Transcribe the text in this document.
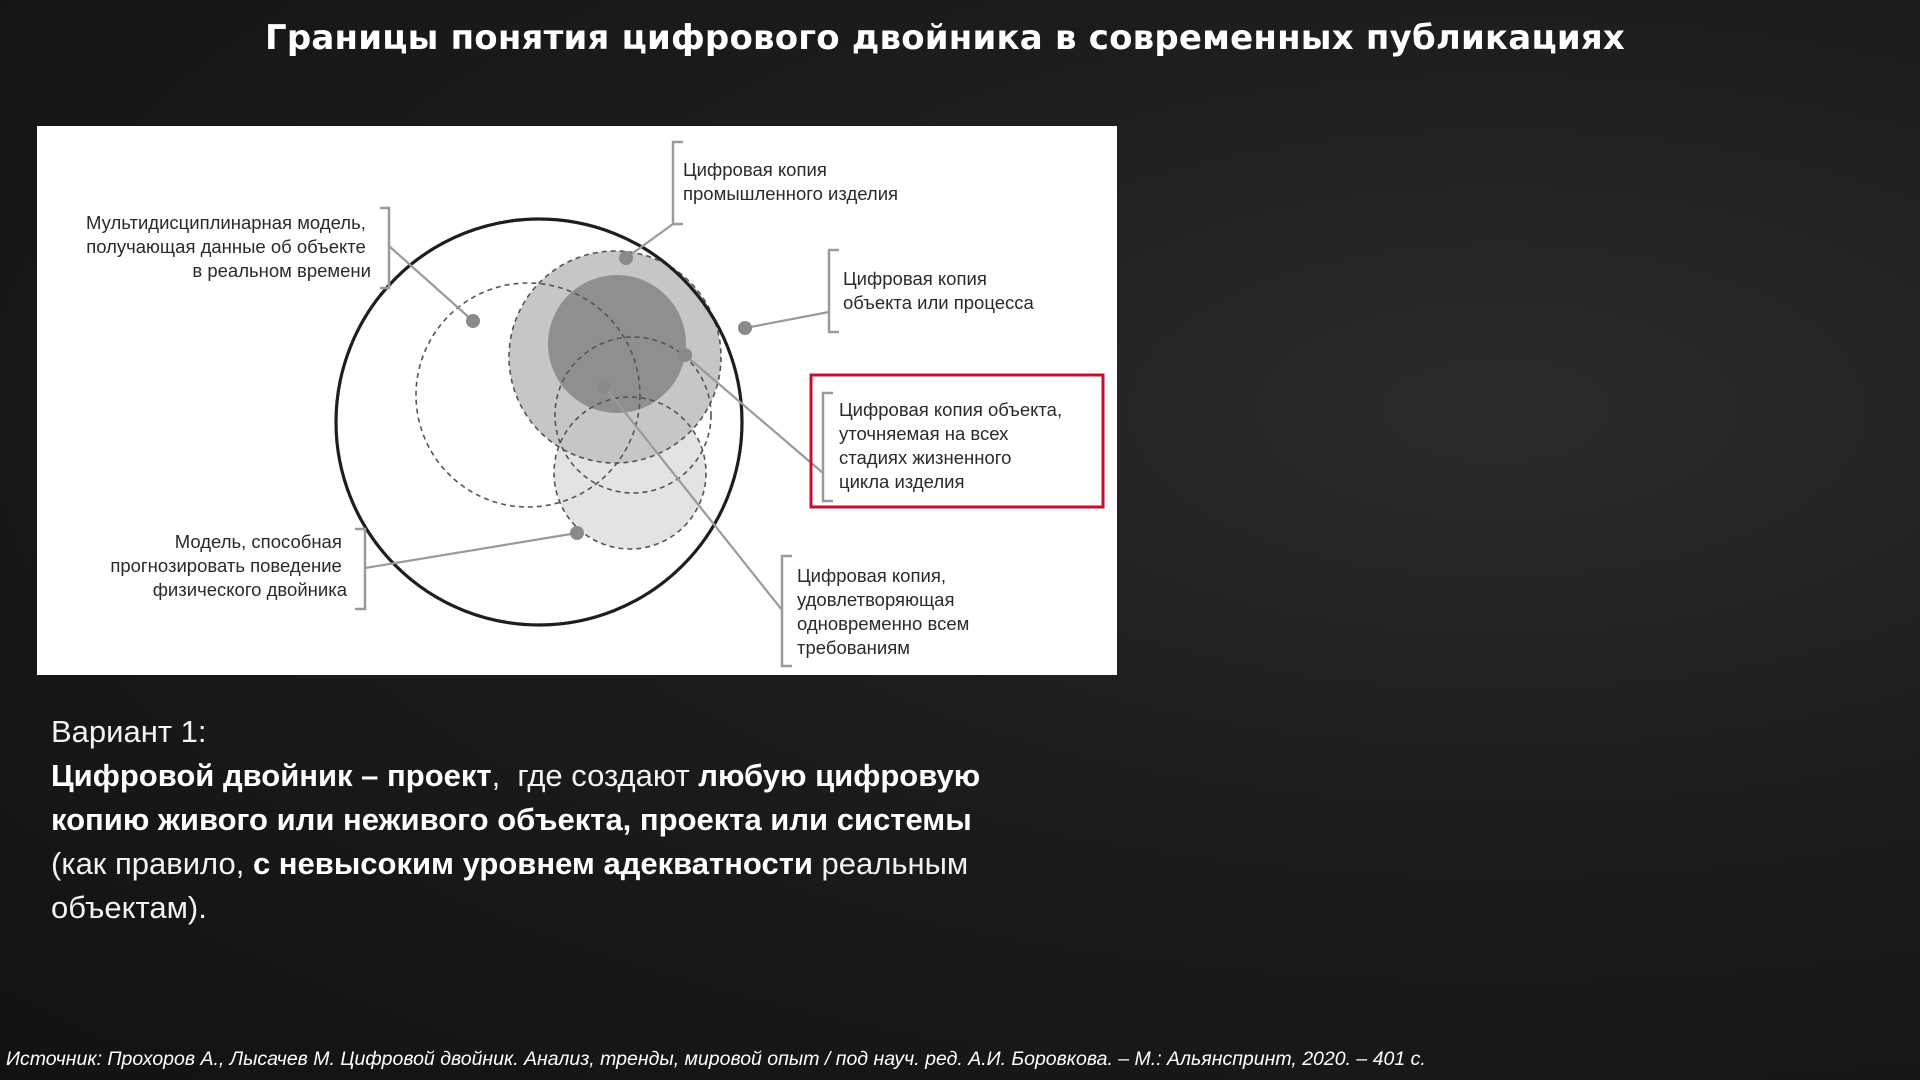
Границы понятия цифрового двойника в современных публикациях
Мультидисциплинарная модель, получающая данные об объекте в реальном времени
Цифровая копия промышленного изделия
Цифровая копия объекта или процесса
Цифровая копия объекта, уточняемая на всех стадиях жизненного цикла изделия
Модель, способная прогнозировать поведение физического двойника
Цифровая копия, удовлетворяющая одновременно всем требованиям

Вариант 1:

Цифровой двойник – проект,  где создают любую цифровую

копию живого или неживого объекта, проекта или системы

(как правило, с невысоким уровнем адекватности реальным

объектам).

Источник: Прохоров А., Лысачев М. Цифровой двойник. Анализ, тренды, мировой опыт / под науч. ред. А.И. Боровкова. – М.: Альянспринт, 2020. – 401 с.
